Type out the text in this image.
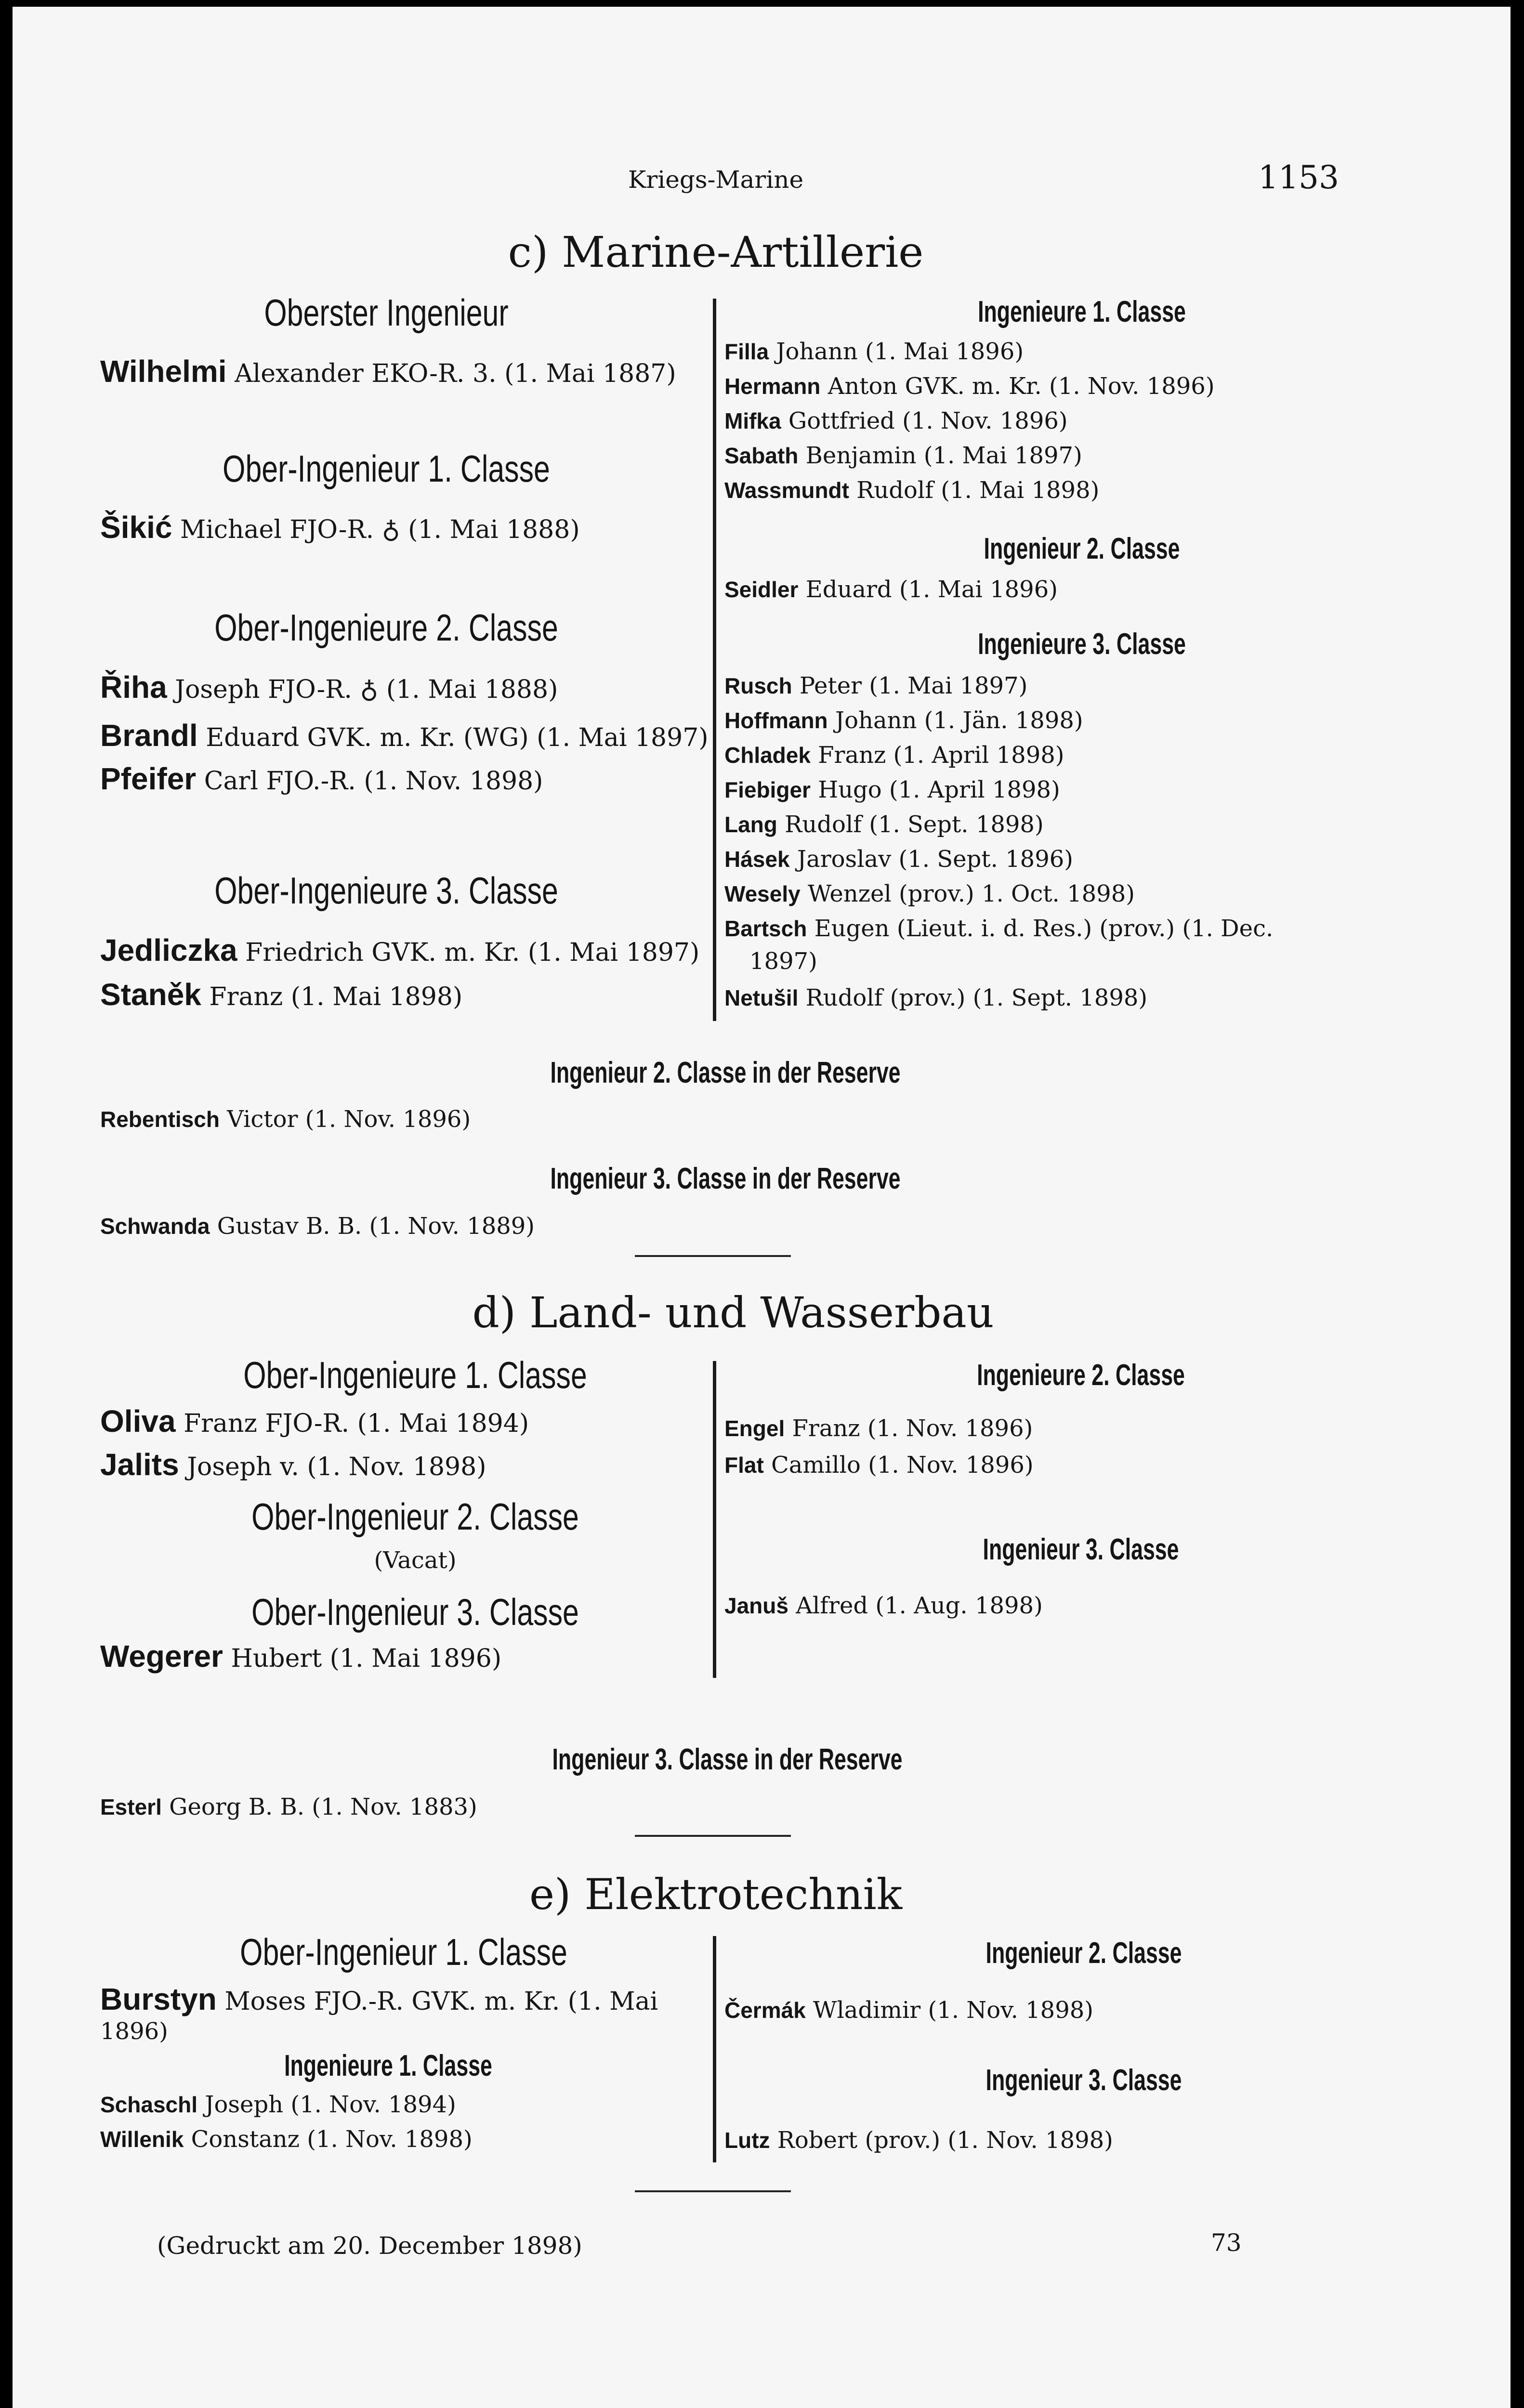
Kriegs-Marine	1153
c) Marine-Artillerie
Oberster Ingenieur
Wilhelmi Alexander EKO-R. 3. (1. Mai 1887)
Ober-Ingenieur 1. Classe
Šikić Michael FJO-R. ♁ (1. Mai 1888)
Ober-Ingenieure 2. Classe
Řiha Joseph FJO-R. ♁ (1. Mai 1888)
Brandl Eduard GVK. m. Kr. (WG) (1. Mai 1897)
Pfeifer Carl FJO.-R. (1. Nov. 1898)
Ober-Ingenieure 3. Classe
Jedliczka Friedrich GVK. m. Kr. (1. Mai 1897)
Staněk Franz (1. Mai 1898)
Ingenieure 1. Classe
Filla Johann (1. Mai 1896)
Hermann Anton GVK. m. Kr. (1. Nov. 1896)
Mifka Gottfried (1. Nov. 1896)
Sabath Benjamin (1. Mai 1897)
Wassmundt Rudolf (1. Mai 1898)
Ingenieur 2. Classe
Seidler Eduard (1. Mai 1896)
Ingenieure 3. Classe
Rusch Peter (1. Mai 1897)
Hoffmann Johann (1. Jän. 1898)
Chladek Franz (1. April 1898)
Fiebiger Hugo (1. April 1898)
Lang Rudolf (1. Sept. 1898)
Hásek Jaroslav (1. Sept. 1896)
Wesely Wenzel (prov.) 1. Oct. 1898)
Bartsch Eugen (Lieut. i. d. Res.) (prov.) (1. Dec.
1897)
Netušil Rudolf (prov.) (1. Sept. 1898)
Ingenieur 2. Classe in der Reserve
Rebentisch Victor (1. Nov. 1896)
Ingenieur 3. Classe in der Reserve
Schwanda Gustav B. B. (1. Nov. 1889)
d) Land- und Wasserbau
Ober-Ingenieure 1. Classe
Oliva Franz FJO-R. (1. Mai 1894)
Jalits Joseph v. (1. Nov. 1898)
Ober-Ingenieur 2. Classe
(Vacat)
Ober-Ingenieur 3. Classe
Wegerer Hubert (1. Mai 1896)
Ingenieure 2. Classe
Engel Franz (1. Nov. 1896)
Flat Camillo (1. Nov. 1896)
Ingenieur 3. Classe
Januš Alfred (1. Aug. 1898)
Ingenieur 3. Classe in der Reserve
Esterl Georg B. B. (1. Nov. 1883)
e) Elektrotechnik
Ober-Ingenieur 1. Classe
Burstyn Moses FJO.-R. GVK. m. Kr. (1. Mai
1896)
Ingenieure 1. Classe
Schaschl Joseph (1. Nov. 1894)
Willenik Constanz (1. Nov. 1898)
Ingenieur 2. Classe
Čermák Wladimir (1. Nov. 1898)
Ingenieur 3. Classe
Lutz Robert (prov.) (1. Nov. 1898)
(Gedruckt am 20. December 1898)	73
